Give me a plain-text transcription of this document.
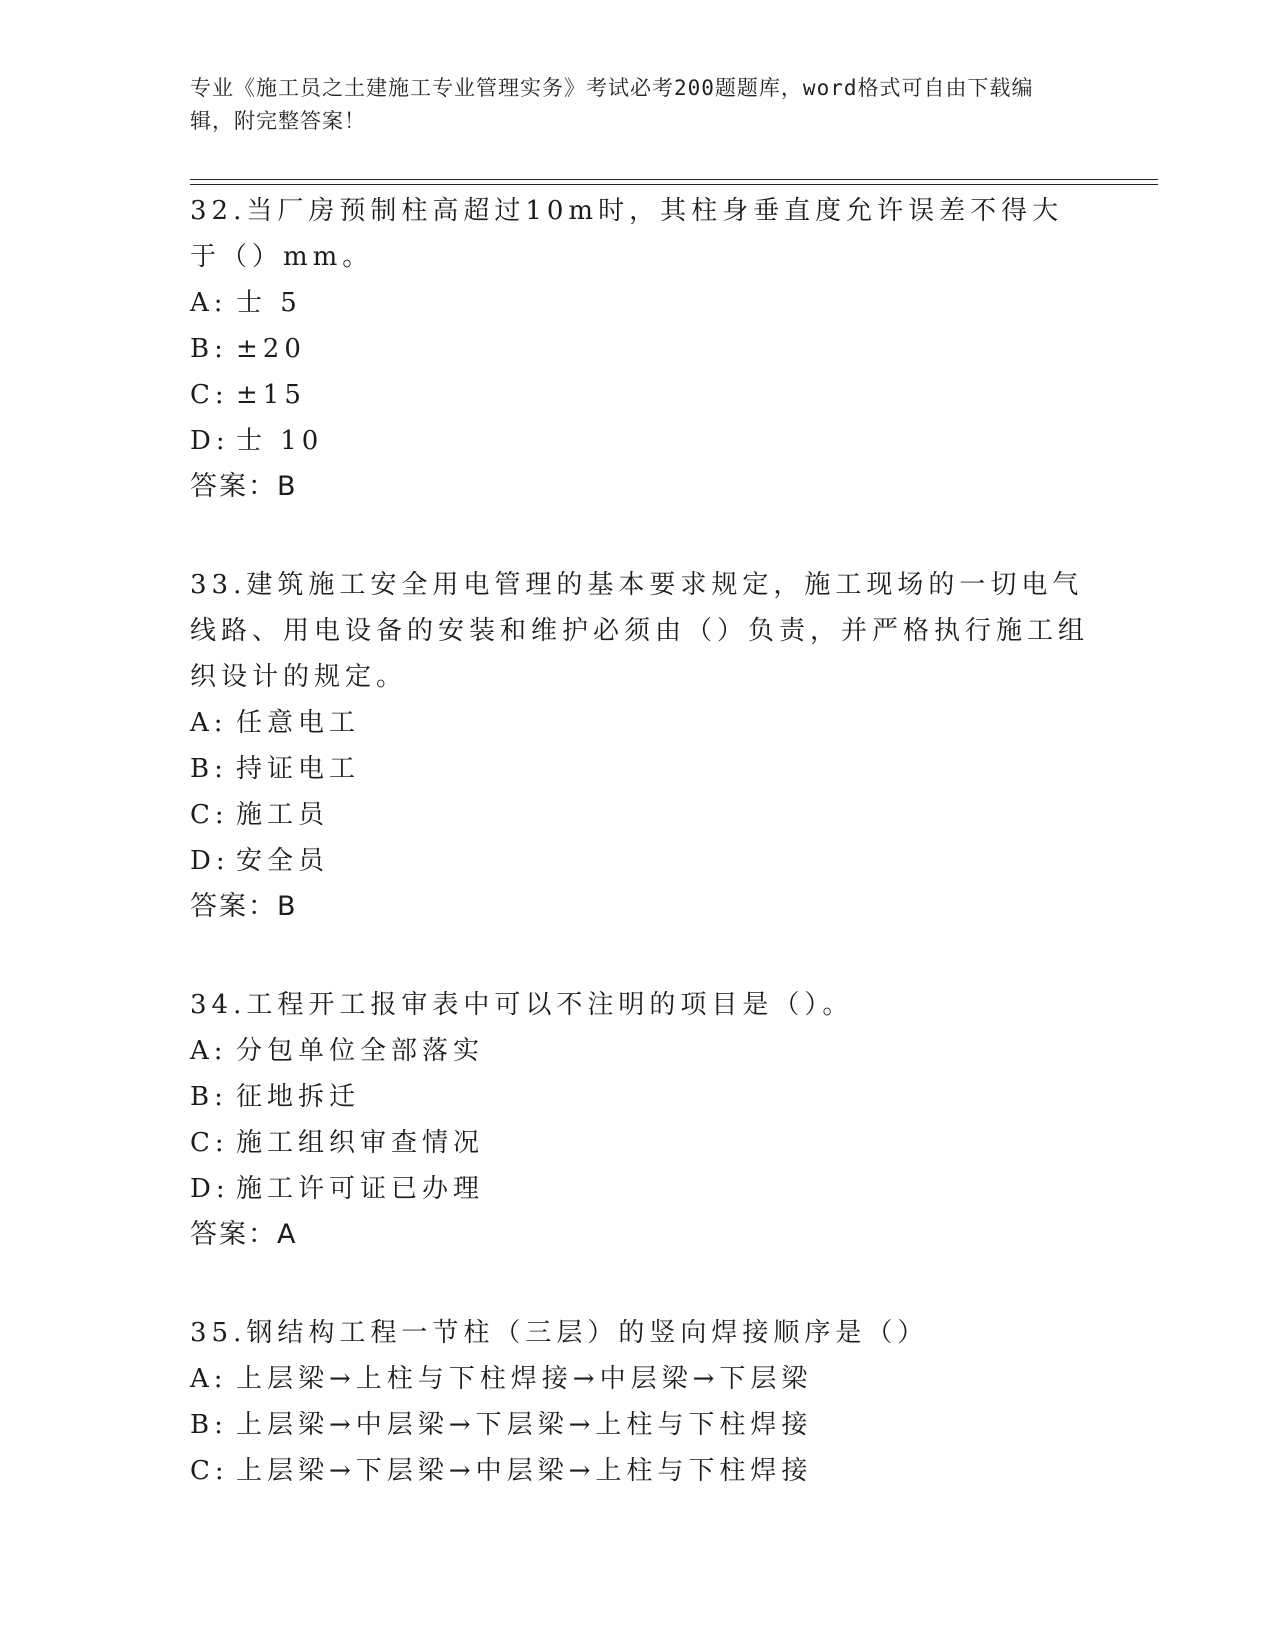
专业《施工员之土建施工专业管理实务》考试必考200题题库，word格式可自由下载编辑，附完整答案！

32.当厂房预制柱高超过10m时，其柱身垂直度允许误差不得大于（）mm。

A: 士 5

B: ±20

C: ±15

D: 士 10

答案：B

33.建筑施工安全用电管理的基本要求规定，施工现场的一切电气线路、用电设备的安装和维护必须由（）负责，并严格执行施工组织设计的规定。

A: 任意电工

B: 持证电工

C: 施工员

D: 安全员

答案：B

34.工程开工报审表中可以不注明的项目是（）。

A: 分包单位全部落实

B: 征地拆迁

C: 施工组织审查情况

D: 施工许可证已办理

答案：A

35.钢结构工程一节柱（三层）的竖向焊接顺序是（）

A: 上层梁→上柱与下柱焊接→中层梁→下层梁

B: 上层梁→中层梁→下层梁→上柱与下柱焊接

C: 上层梁→下层梁→中层梁→上柱与下柱焊接
